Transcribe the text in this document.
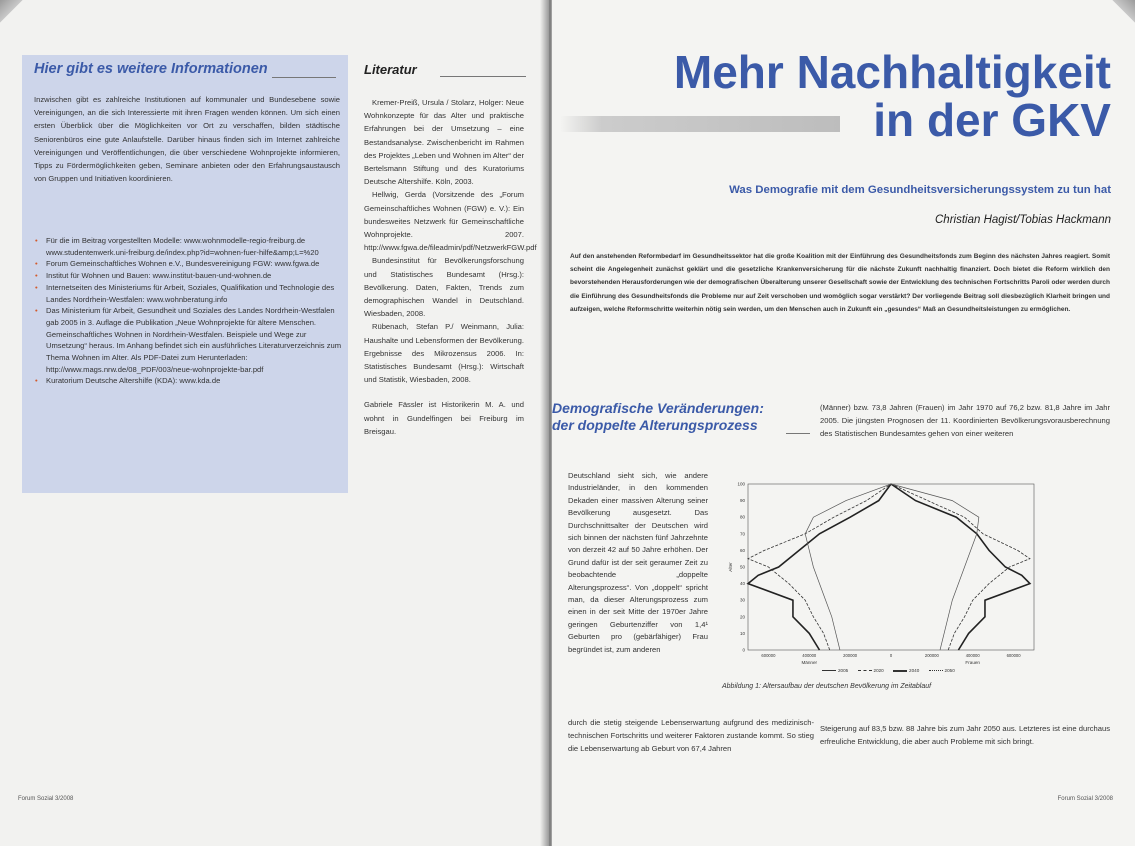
Hier gibt es weitere Informationen

Inzwischen gibt es zahlreiche Institutionen auf kommunaler und Bundesebene sowie Vereinigungen, an die sich Interessierte mit ihren Fragen wenden können. Um sich einen ersten Überblick über die Möglichkeiten vor Ort zu verschaffen, bilden städtische Seniorenbüros eine gute Anlaufstelle. Darüber hinaus finden sich im Internet zahlreiche Vereinigungen und Veröffentlichungen, die über verschiedene Wohnprojekte informieren, Tipps zu Fördermöglichkeiten geben, Seminare anbieten oder den Erfahrungsaustausch von Gruppen und Initiativen koordinieren.

• Für die im Beitrag vorgestellten Modelle: www.wohnmodelle-regio-freiburg.de www.studentenwerk.uni-freiburg.de/index.php?id=wohnen-fuer-hilfe&amp;L=%20
• Forum Gemeinschaftliches Wohnen e.V., Bundesvereinigung FGW: www.fgwa.de
• Institut für Wohnen und Bauen: www.institut-bauen-und-wohnen.de
• Internetseiten des Ministeriums für Arbeit, Soziales, Qualifikation und Technologie des Landes Nordrhein-Westfalen: www.wohnberatung.info
• Das Ministerium für Arbeit, Gesundheit und Soziales des Landes Nordrhein-Westfalen gab 2005 in 3. Auflage die Publikation „Neue Wohnprojekte für ältere Menschen. Gemeinschaftliches Wohnen in Nordrhein-Westfalen. Beispiele und Wege zur Umsetzung“ heraus. Im Anhang befindet sich ein ausführliches Literaturverzeichnis zum Thema Wohnen im Alter. Als PDF-Datei zum Herunterladen: http://www.mags.nrw.de/08_PDF/003/neue-wohnprojekte-bar.pdf
• Kuratorium Deutsche Altershilfe (KDA): www.kda.de
Literatur

Kremer-Preiß, Ursula / Stolarz, Holger: Neue Wohnkonzepte für das Alter und praktische Erfahrungen bei der Umsetzung – eine Bestandsanalyse. Zwischenbericht im Rahmen des Projektes „Leben und Wohnen im Alter“ der Bertelsmann Stiftung und des Kuratoriums Deutsche Altershilfe. Köln, 2003.

Hellwig, Gerda (Vorsitzende des „Forum Gemeinschaftliches Wohnen (FGW) e. V.): Ein bundesweites Netzwerk für Gemeinschaftliche Wohnprojekte. 2007. http://www.fgwa.de/fileadmin/pdf/NetzwerkFGW.pdf

Bundesinstitut für Bevölkerungsforschung und Statistisches Bundesamt (Hrsg.): Bevölkerung. Daten, Fakten, Trends zum demographischen Wandel in Deutschland. Wiesbaden, 2008.

Rübenach, Stefan P./ Weinmann, Julia: Haushalte und Lebensformen der Bevölkerung. Ergebnisse des Mikrozensus 2006. In: Statistisches Bundesamt (Hrsg.): Wirtschaft und Statistik, Wiesbaden, 2008.

Gabriele Fässler ist Historikerin M. A. und wohnt in Gundelfingen bei Freiburg im Breisgau.

Forum Sozial 3/2008
Mehr Nachhaltigkeit
in der GKV

Was Demografie mit dem Gesundheitsversicherungssystem zu tun hat

Christian Hagist/Tobias Hackmann

Auf den anstehenden Reformbedarf im Gesundheitssektor hat die große Koalition mit der Einführung des Gesundheitsfonds zum Beginn des nächsten Jahres reagiert. Somit scheint die Angelegenheit zunächst geklärt und die gesetzliche Krankenversicherung für die nächste Zukunft nachhaltig finanziert. Doch bietet die Reform wirklich den bevorstehenden Herausforderungen wie der demografischen Überalterung unserer Gesellschaft sowie der Entwicklung des technischen Fortschritts Paroli oder werden durch die Einführung des Gesundheitsfonds die Probleme nur auf Zeit verschoben und womöglich sogar verstärkt? Der vorliegende Beitrag soll diesbezüglich Klarheit bringen und aufzeigen, welche Reformschritte weiterhin nötig sein werden, um den Menschen auch in Zukunft ein „gesundes“ Maß an Gesundheitsleistungen zu ermöglichen.
Demografische Veränderungen:
der doppelte Alterungsprozess
(Männer) bzw. 73,8 Jahren (Frauen) im Jahr 1970 auf 76,2 bzw. 81,8 Jahre im Jahr 2005. Die jüngsten Prognosen der 11. Koordinierten Bevölkerungsvorausberechnung des Statistischen Bundesamtes gehen von einer weiteren
Deutschland sieht sich, wie andere Industrieländer, in den kommenden Dekaden einer massiven Alterung seiner Bevölkerung ausgesetzt. Das Durchschnittsalter der Deutschen wird sich binnen der nächsten fünf Jahrzehnte von derzeit 42 auf 50 Jahre erhöhen. Der Grund dafür ist der seit geraumer Zeit zu beobachtende „doppelte Alterungsprozess“. Von „doppelt“ spricht man, da dieser Alterungsprozess zum einen in der seit Mitte der 1970er Jahre geringen Geburtenziffer von 1,4¹ Geburten pro (gebärfähiger) Frau begründet ist, zum anderen	0
10
20
30
40
50
60
70
80
90
100
600000	400000	200000	0	200000	400000	600000
Alter
Männer	Frauen
2005	2020	2040	2050
Abbildung 1: Altersaufbau der deutschen Bevölkerung im Zeitablauf
durch die stetig steigende Lebenserwartung aufgrund des medizinisch-technischen Fortschritts und weiterer Faktoren zustande kommt. So stieg die Lebenserwartung ab Geburt von 67,4 Jahren
Steigerung auf 83,5 bzw. 88 Jahre bis zum Jahr 2050 aus. Letzteres ist eine durchaus erfreuliche Entwicklung, die aber auch Probleme mit sich bringt.
Forum Sozial 3/2008
